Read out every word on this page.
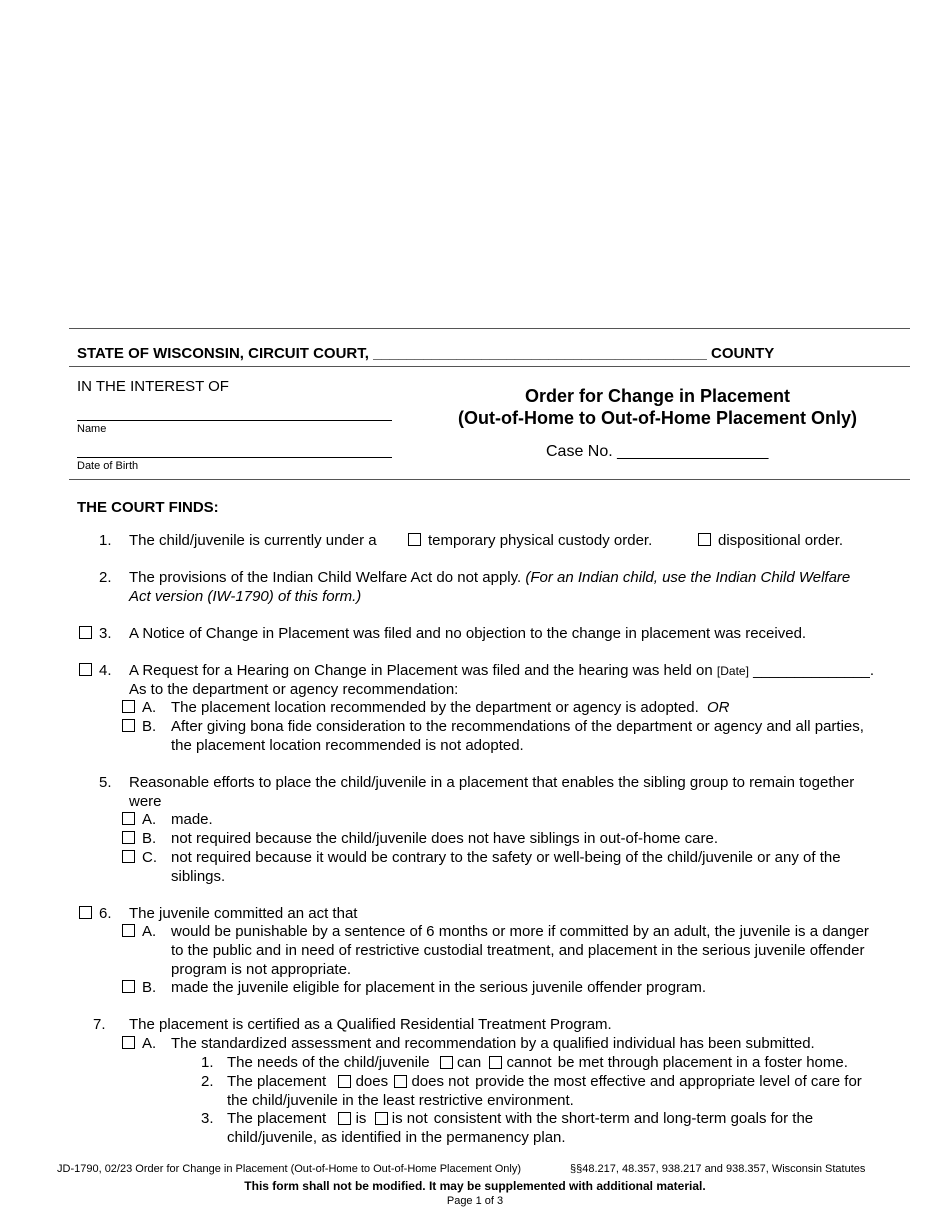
STATE OF WISCONSIN, CIRCUIT COURT, ________________________________________ COUNTY
IN THE INTEREST OF
Name
Date of Birth
Order for Change in Placement
(Out-of-Home to Out-of-Home Placement Only)
Case No. _________________
THE COURT FINDS:
1. The child/juvenile is currently under a	temporary physical custody order.	dispositional order.
2. The provisions of the Indian Child Welfare Act do not apply. (For an Indian child, use the Indian Child Welfare
Act version (IW-1790) of this form.)
3. A Notice of Change in Placement was filed and no objection to the change in placement was received.
4. A Request for a Hearing on Change in Placement was filed and the hearing was held on [Date] ______________.
As to the department or agency recommendation:
A. The placement location recommended by the department or agency is adopted. OR
B. After giving bona fide consideration to the recommendations of the department or agency and all parties,
the placement location recommended is not adopted.
5. Reasonable efforts to place the child/juvenile in a placement that enables the sibling group to remain together
were
A. made.
B. not required because the child/juvenile does not have siblings in out-of-home care.
C. not required because it would be contrary to the safety or well-being of the child/juvenile or any of the
siblings.
6. The juvenile committed an act that
A. would be punishable by a sentence of 6 months or more if committed by an adult, the juvenile is a danger
to the public and in need of restrictive custodial treatment, and placement in the serious juvenile offender
program is not appropriate.
B. made the juvenile eligible for placement in the serious juvenile offender program.
7. The placement is certified as a Qualified Residential Treatment Program.
A. The standardized assessment and recommendation by a qualified individual has been submitted.
1. The needs of the child/juvenile can cannot be met through placement in a foster home.
2. The placement does does not provide the most effective and appropriate level of care for
the child/juvenile in the least restrictive environment.
3. The placement is is not consistent with the short-term and long-term goals for the
child/juvenile, as identified in the permanency plan.
JD-1790, 02/23 Order for Change in Placement (Out-of-Home to Out-of-Home Placement Only)	§§48.217, 48.357, 938.217 and 938.357, Wisconsin Statutes
This form shall not be modified. It may be supplemented with additional material.
Page 1 of 3
